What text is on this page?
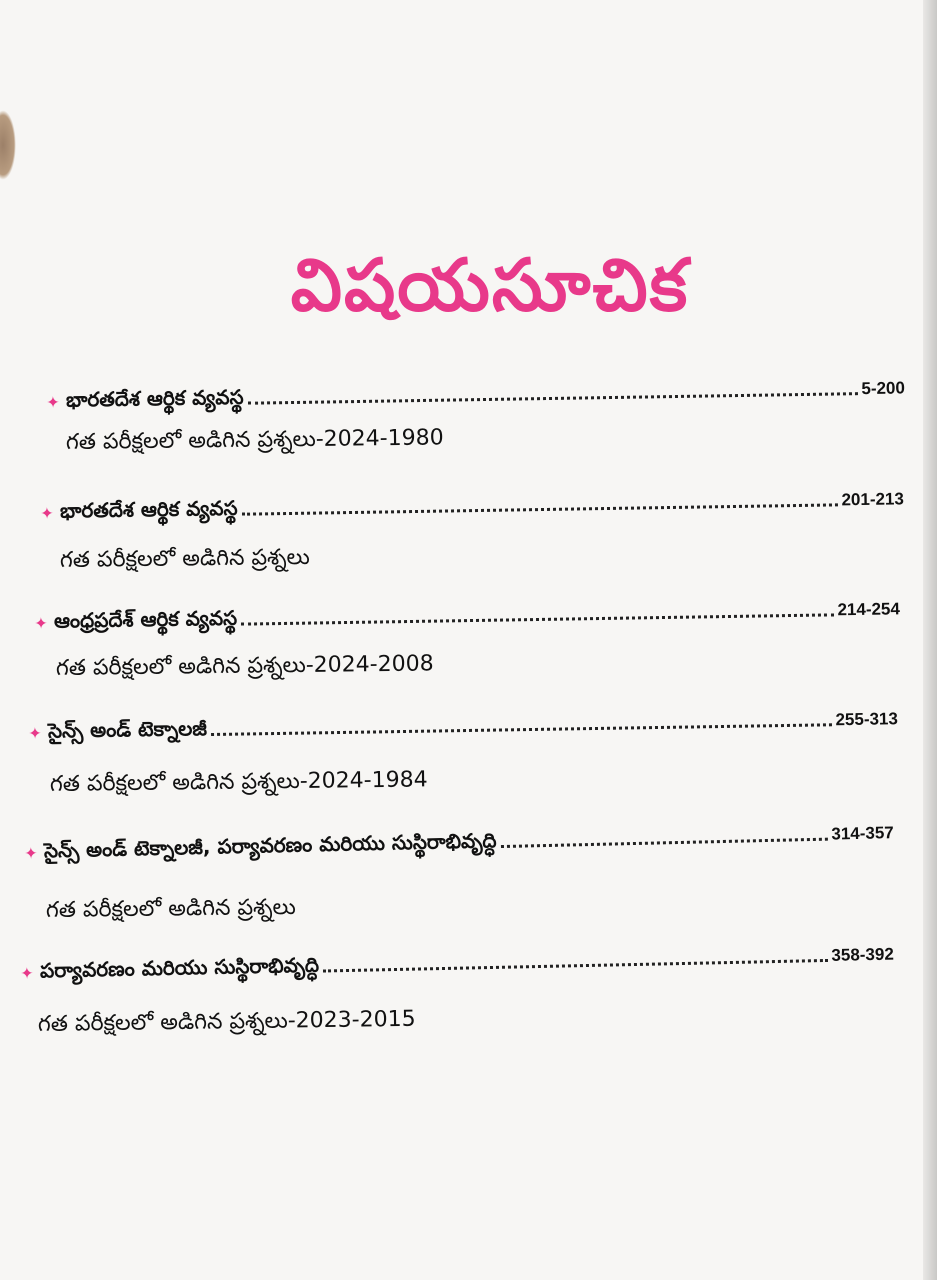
విషయసూచిక
✦ భారతదేశ ఆర్థిక వ్యవస్థ	5-200
గత పరీక్షలలో అడిగిన ప్రశ్నలు-2024-1980
✦ భారతదేశ ఆర్థిక వ్యవస్థ	201-213
గత పరీక్షలలో అడిగిన ప్రశ్నలు
✦ ఆంధ్రప్రదేశ్ ఆర్థిక వ్యవస్థ	214-254
గత పరీక్షలలో అడిగిన ప్రశ్నలు-2024-2008
✦ సైన్స్ అండ్ టెక్నాలజీ	255-313
గత పరీక్షలలో అడిగిన ప్రశ్నలు-2024-1984
✦ సైన్స్ అండ్ టెక్నాలజీ, పర్యావరణం మరియు సుస్థిరాభివృద్ధి	314-357
గత పరీక్షలలో అడిగిన ప్రశ్నలు
✦ పర్యావరణం మరియు సుస్థిరాభివృద్ధి	358-392
గత పరీక్షలలో అడిగిన ప్రశ్నలు-2023-2015
